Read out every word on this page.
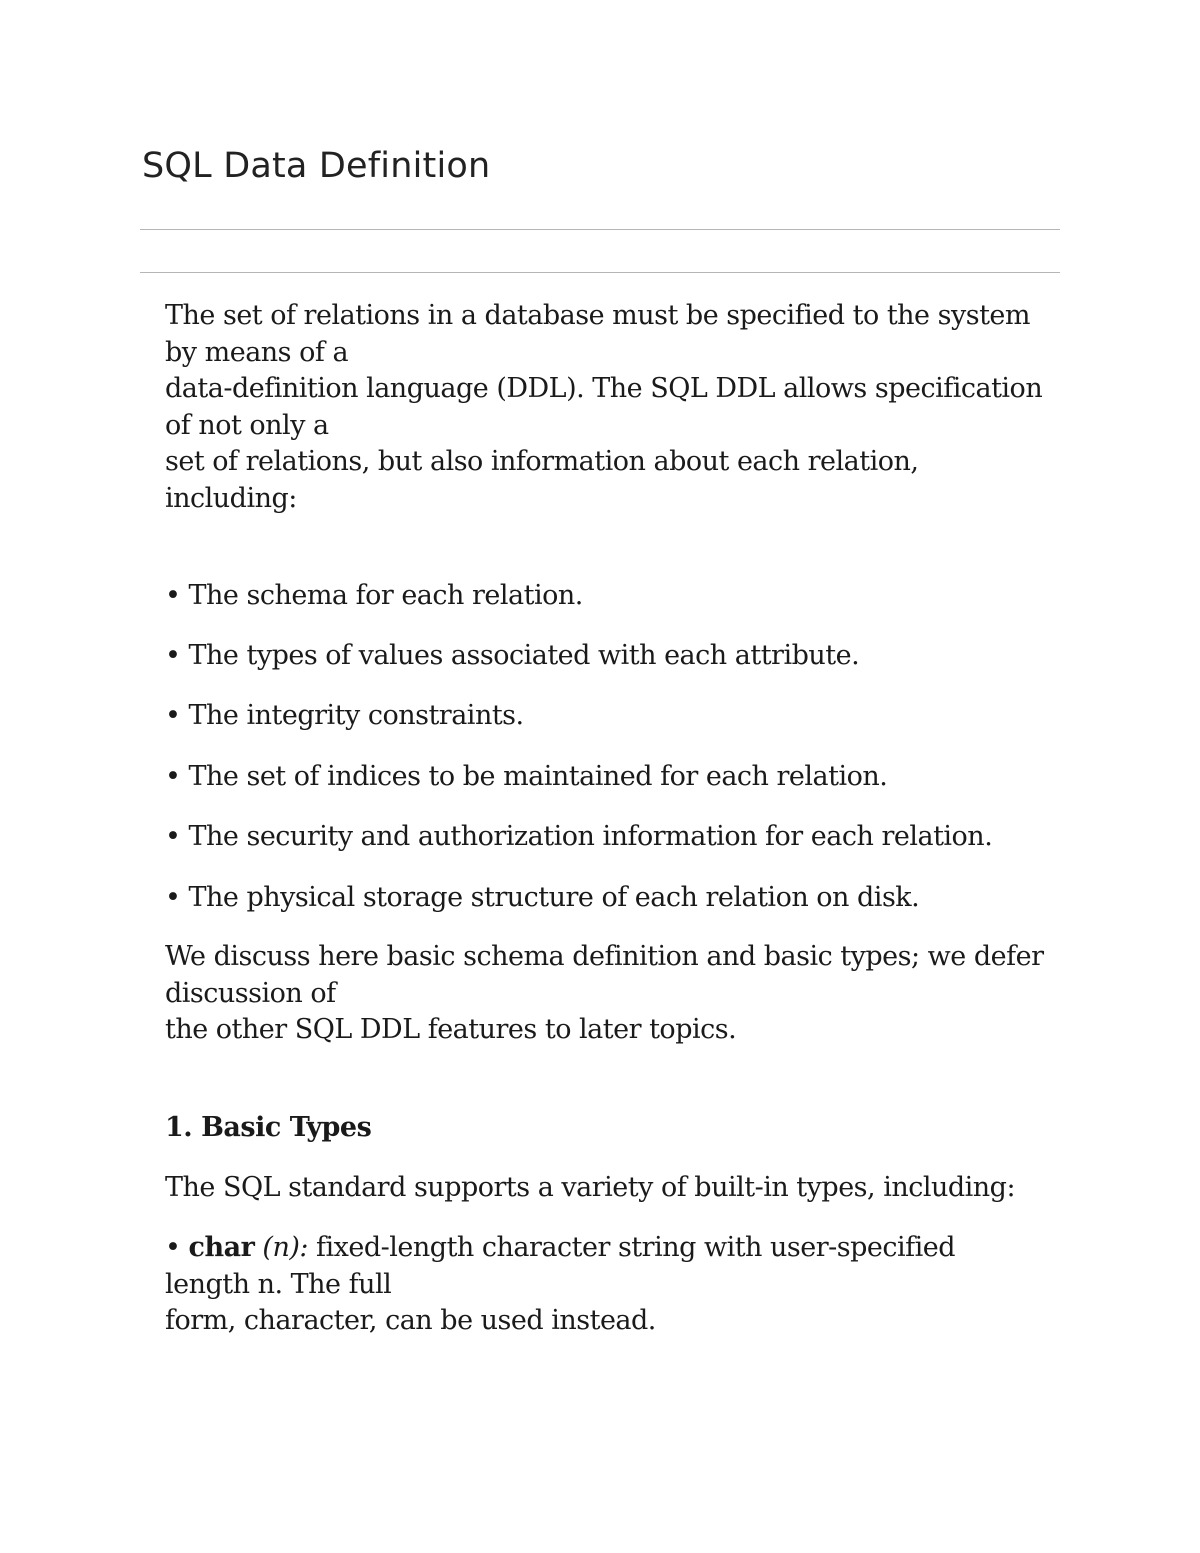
SQL Data Definition

The set of relations in a database must be specified to the system
by means of a
data-definition language (DDL). The SQL DDL allows specification
of not only a
set of relations, but also information about each relation,
including:

• The schema for each relation.
• The types of values associated with each attribute.
• The integrity constraints.
• The set of indices to be maintained for each relation.
• The security and authorization information for each relation.
• The physical storage structure of each relation on disk.

We discuss here basic schema definition and basic types; we defer
discussion of
the other SQL DDL features to later topics.

1. Basic Types

The SQL standard supports a variety of built-in types, including:

• char (n): fixed-length character string with user-specified
length n. The full
form, character, can be used instead.
